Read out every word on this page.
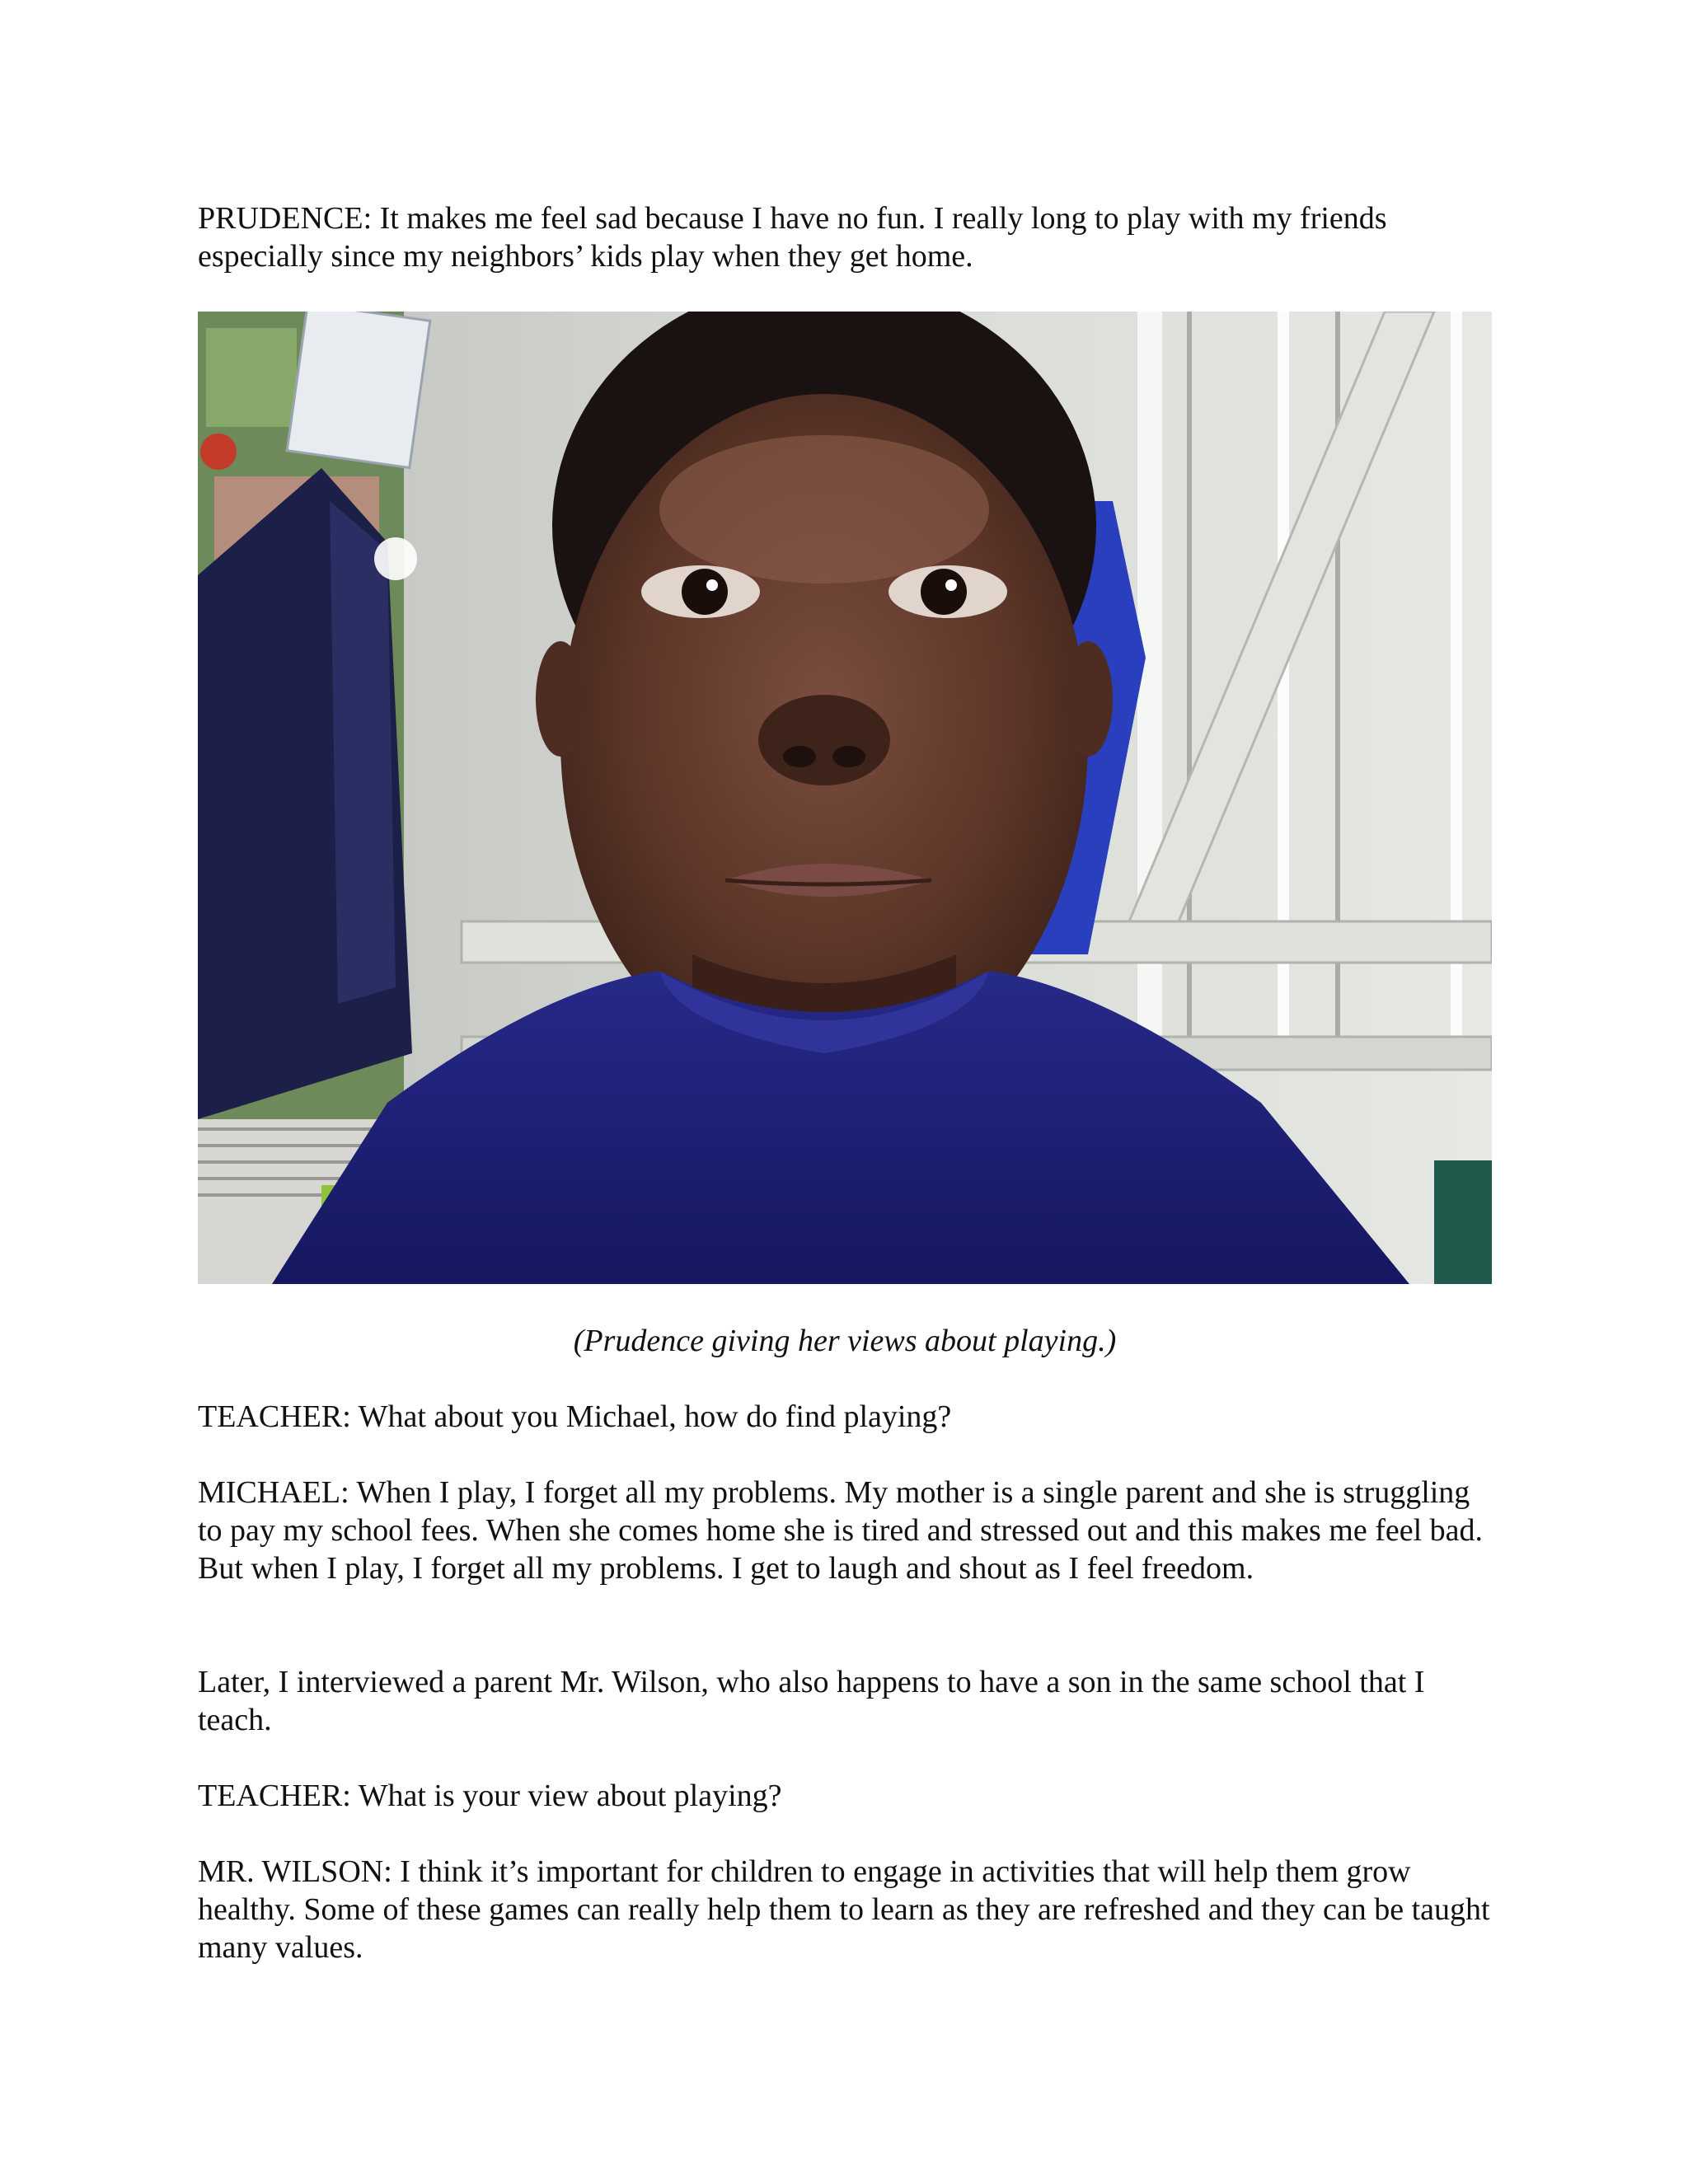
PRUDENCE: It makes me feel sad because I have no fun. I really long to play with my friends especially since my neighbors’ kids play when they get home.

(Prudence giving her views about playing.)

TEACHER: What about you Michael, how do find playing?

MICHAEL: When I play, I forget all my problems. My mother is a single parent and she is struggling to pay my school fees. When she comes home she is tired and stressed out and this makes me feel bad. But when I play, I forget all my problems. I get to laugh and shout as I feel freedom.

Later, I interviewed a parent Mr. Wilson, who also happens to have a son in the same school that I teach.

TEACHER: What is your view about playing?

MR. WILSON: I think it’s important for children to engage in activities that will help them grow healthy. Some of these games can really help them to learn as they are refreshed and they can be taught many values.
